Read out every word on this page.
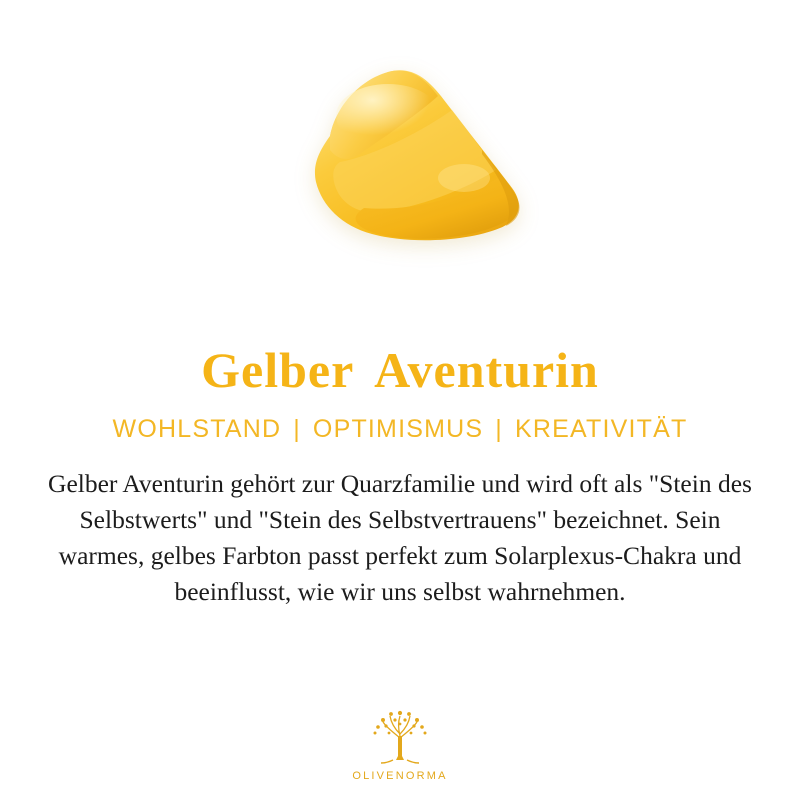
Gelber Aventurin
WOHLSTAND | OPTIMISMUS | KREATIVITÄT

Gelber Aventurin gehört zur Quarzfamilie und wird oft als "Stein des Selbstwerts" und "Stein des Selbstvertrauens" bezeichnet. Sein warmes, gelbes Farbton passt perfekt zum Solarplexus-Chakra und beeinflusst, wie wir uns selbst wahrnehmen.

OLIVENORMA
